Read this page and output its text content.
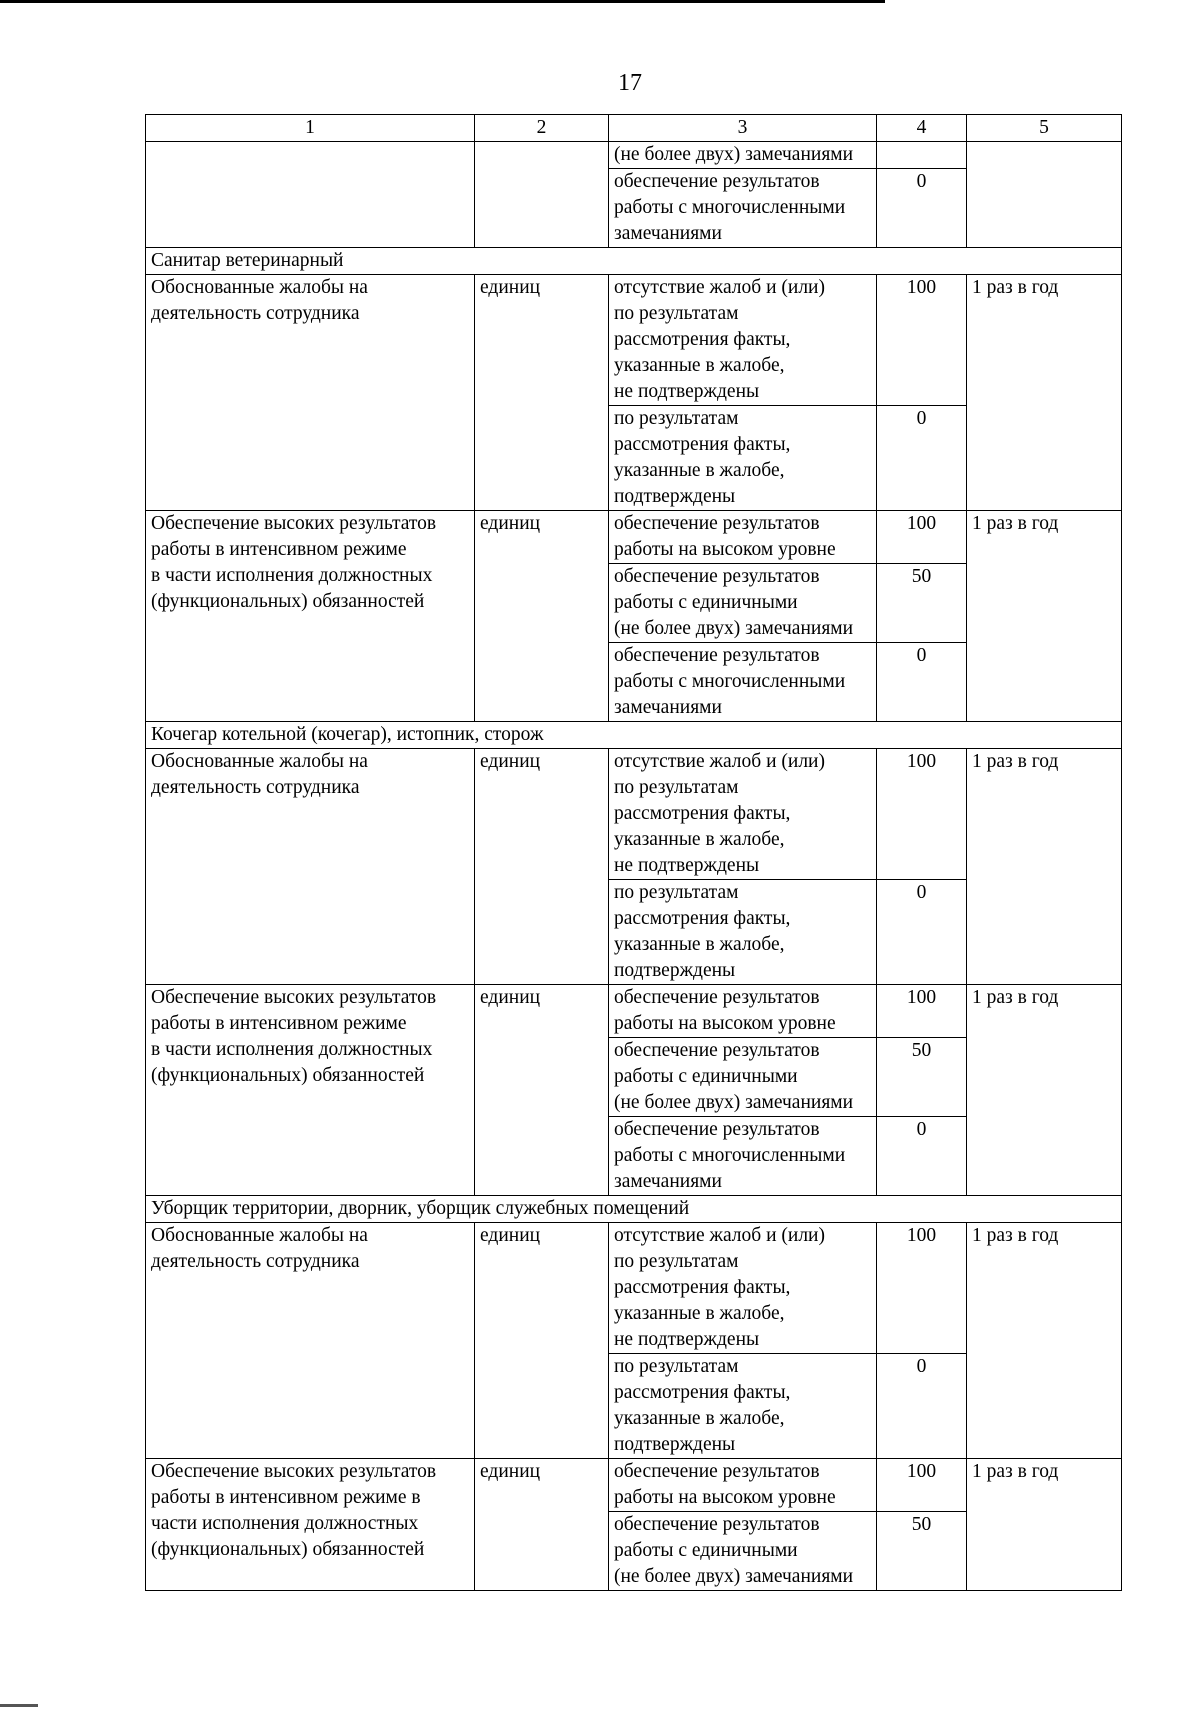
17
1	2	3	4	5
		(не более двух) замечаниями		
		обеспечение результатов работы с многочисленными замечаниями	0	
Санитар ветеринарный				
Обоснованные жалобы на
деятельность сотрудника	единиц	отсутствие жалоб и (или)
по результатам
рассмотрения факты,
указанные в жалобе,
не подтверждены	100	1 раз в год
		по результатам
рассмотрения факты,
указанные в жалобе,
подтверждены	0	
Обеспечение высоких результатов
работы в интенсивном режиме
в части исполнения должностных
(функциональных) обязанностей	единиц	обеспечение результатов
работы на высоком уровне	100	1 раз в год
		обеспечение результатов
работы с единичными
(не более двух) замечаниями	50	
		обеспечение результатов
работы с многочисленными
замечаниями	0	
Кочегар котельной (кочегар), истопник, сторож				
Обоснованные жалобы на
деятельность сотрудника	единиц	отсутствие жалоб и (или)
по результатам
рассмотрения факты,
указанные в жалобе,
не подтверждены	100	1 раз в год
		по результатам
рассмотрения факты,
указанные в жалобе,
подтверждены	0	
Обеспечение высоких результатов
работы в интенсивном режиме
в части исполнения должностных
(функциональных) обязанностей	единиц	обеспечение результатов
работы на высоком уровне	100	1 раз в год
		обеспечение результатов
работы с единичными
(не более двух) замечаниями	50	
		обеспечение результатов
работы с многочисленными
замечаниями	0	
Уборщик территории, дворник, уборщик служебных помещений				
Обоснованные жалобы на
деятельность сотрудника	единиц	отсутствие жалоб и (или)
по результатам
рассмотрения факты,
указанные в жалобе,
не подтверждены	100	1 раз в год
		по результатам
рассмотрения факты,
указанные в жалобе,
подтверждены	0	
Обеспечение высоких результатов
работы в интенсивном режиме в
части исполнения должностных
(функциональных) обязанностей	единиц	обеспечение результатов
работы на высоком уровне	100	1 раз в год
		обеспечение результатов
работы с единичными
(не более двух) замечаниями	50	
